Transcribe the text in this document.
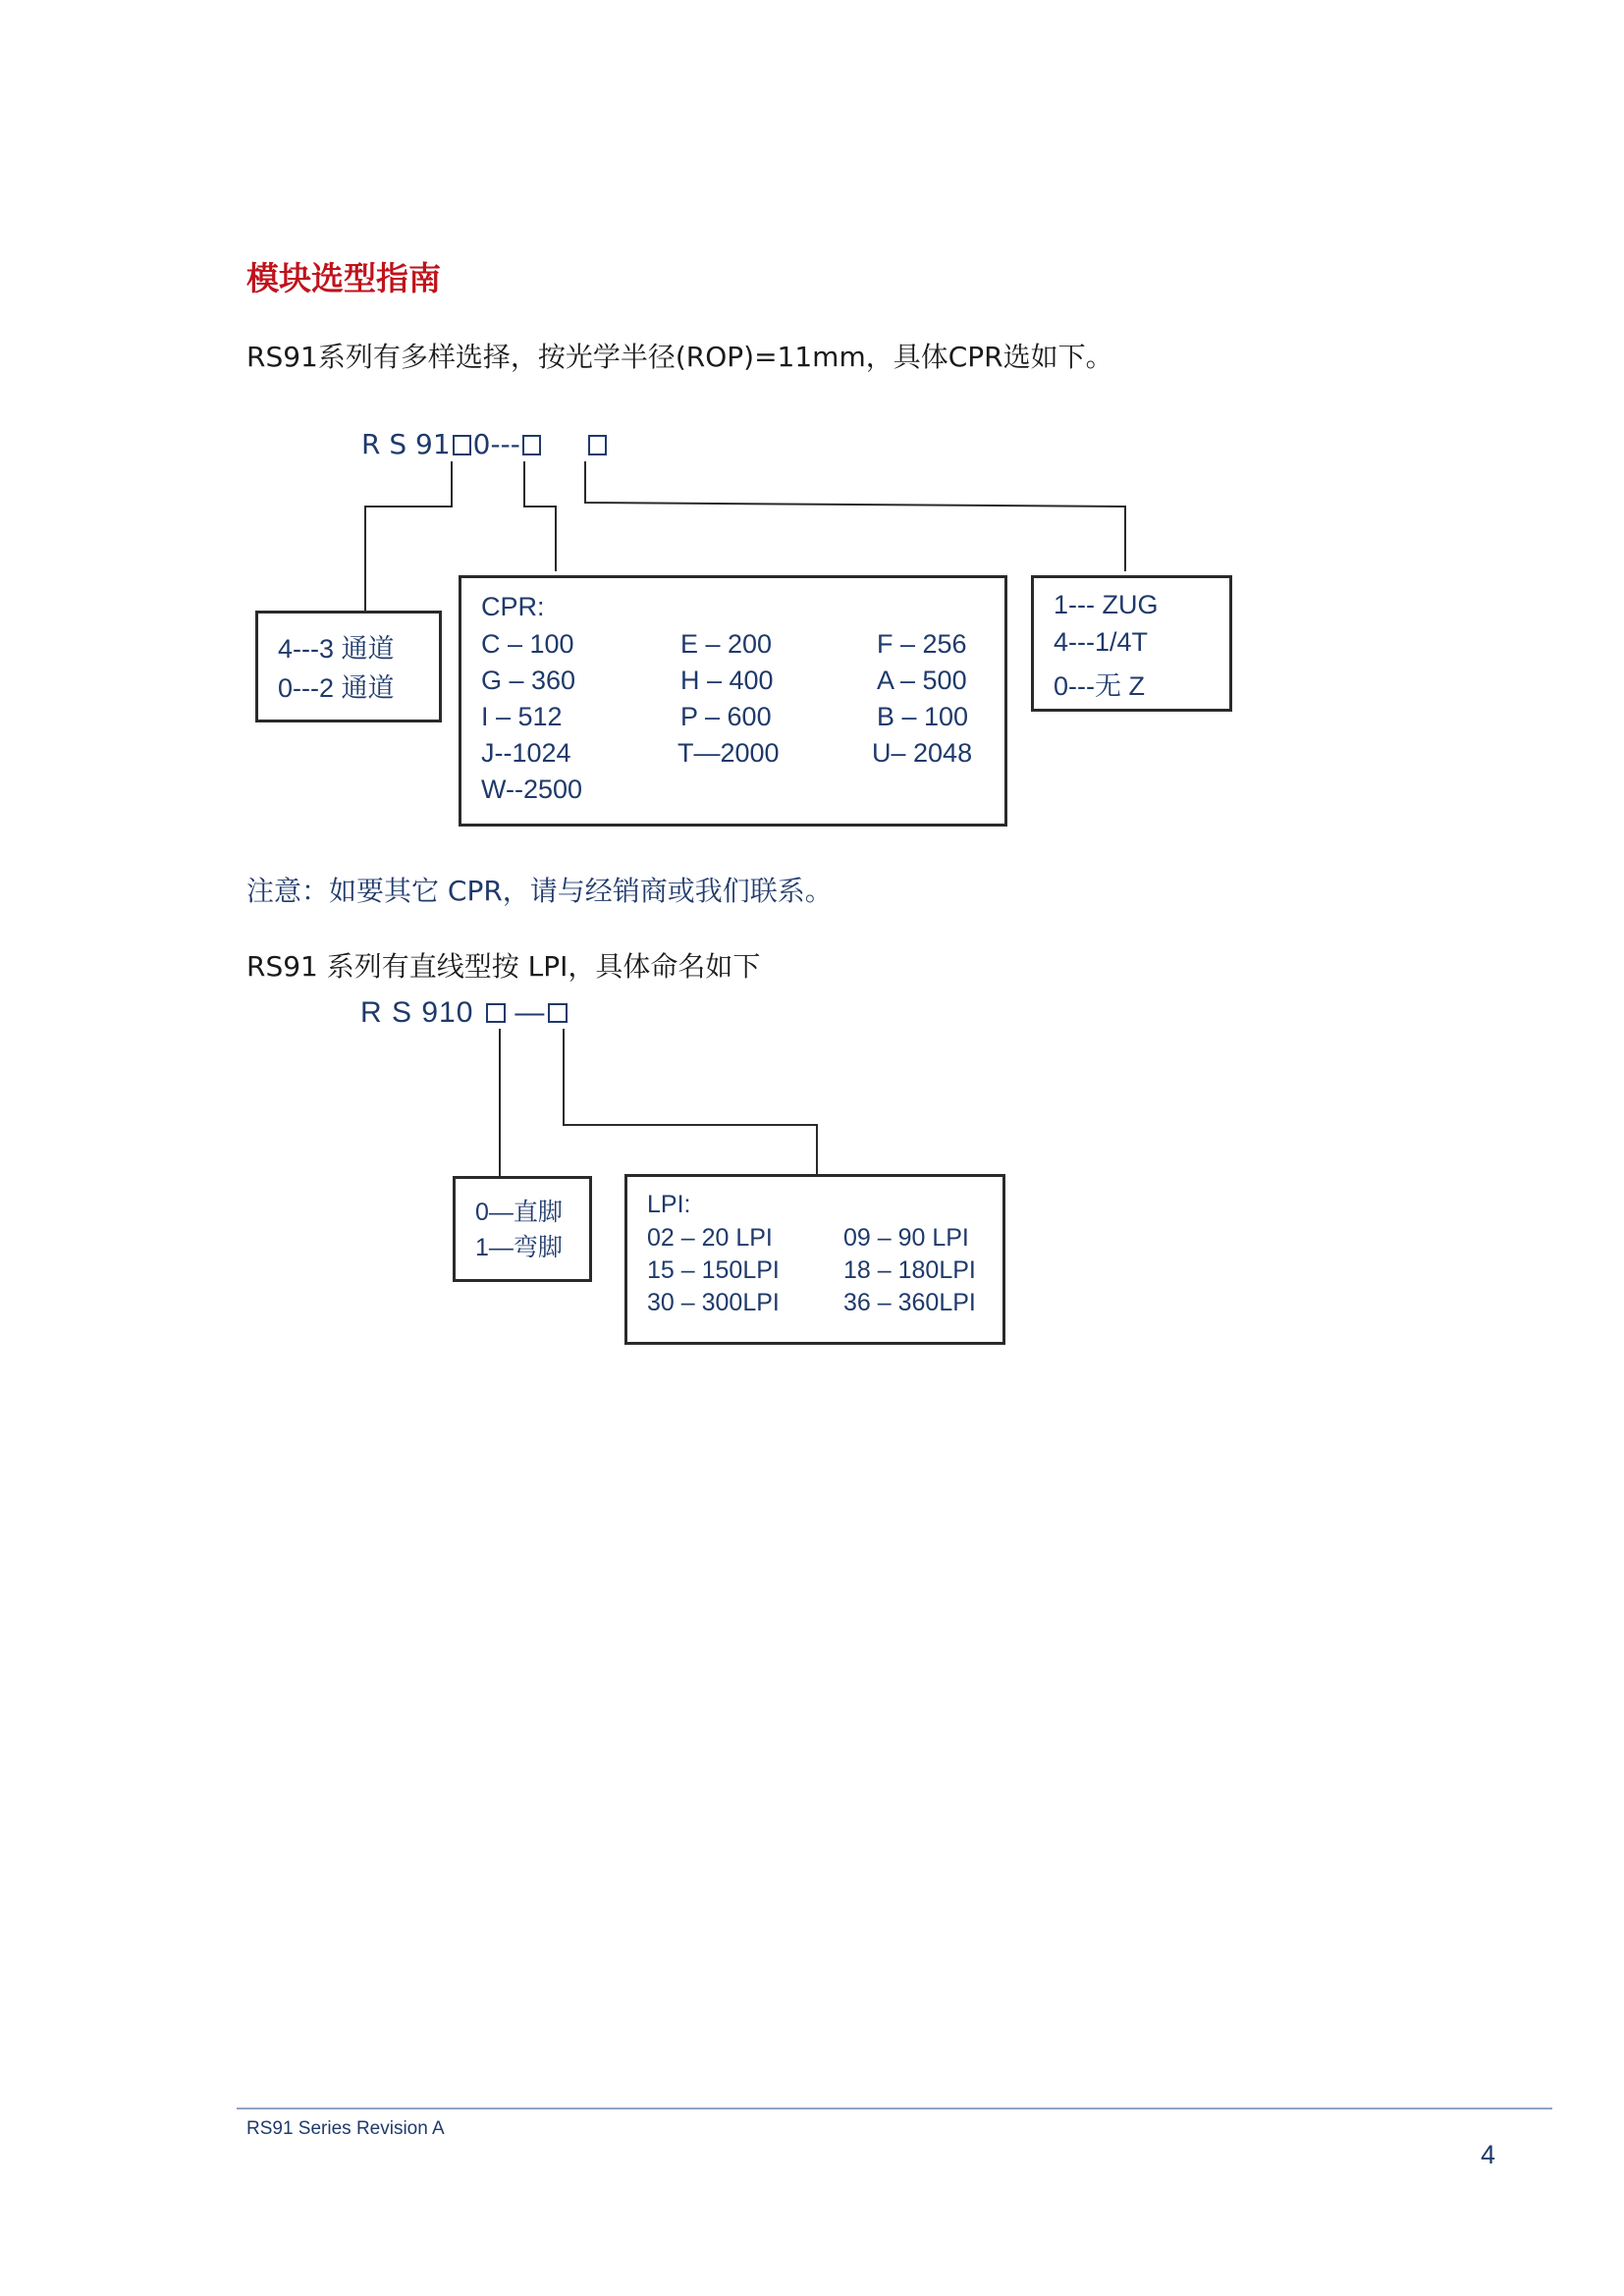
模块选型指南
RS91系列有多样选择，按光学半径(ROP)=11mm，具体CPR选如下。
R S 91 0---
4---3 通道
0---2 通道
CPR:
C – 100
G – 360
I – 512
J--1024
W--2500
E – 200
H – 400
P – 600
T—2000
F – 256
A – 500
B – 100
U– 2048
1--- ZUG
4---1/4T
0---无 Z
注意：如要其它 CPR，请与经销商或我们联系。
RS91 系列有直线型按 LPI，具体命名如下
R S 910 —
0—直脚
1—弯脚
LPI:
02 – 20 LPI
15 – 150LPI
30 – 300LPI
09 – 90 LPI
18 – 180LPI
36 – 360LPI
RS91 Series Revision A
4
